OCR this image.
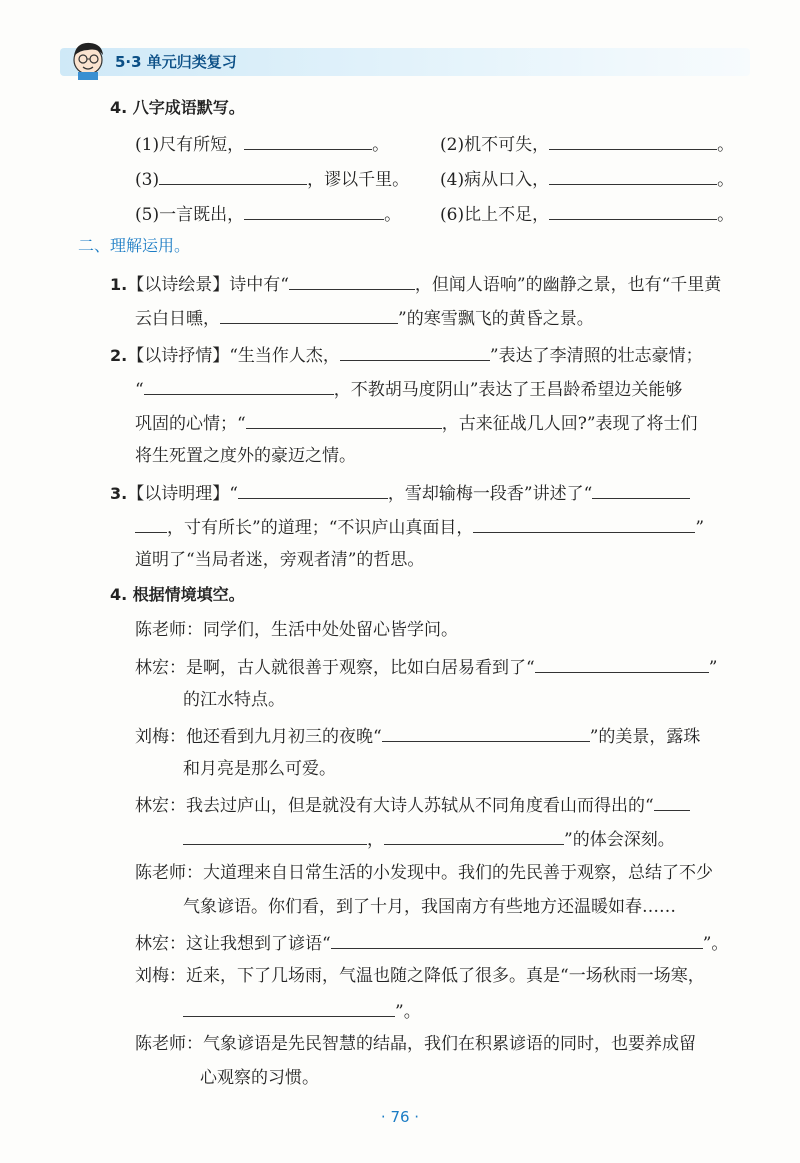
5·3 单元归类复习
4. 八字成语默写。
(1)尺有所短，	。	(2)机不可失，	。
(3)	，谬以千里。 (4)病从口入，	。
(5)一言既出，	。 (6)比上不足，	。
二、理解运用。
1.【以诗绘景】诗中有“	，但闻人语响”的幽静之景，也有“千里黄
云白日曛，	”的寒雪飘飞的黄昏之景。
2.【以诗抒情】“生当作人杰，	”表达了李清照的壮志豪情；
“	，不教胡马度阴山”表达了王昌龄希望边关能够
巩固的心情；“	，古来征战几人回?”表现了将士们
将生死置之度外的豪迈之情。
3.【以诗明理】“	，雪却输梅一段香”讲述了“
，寸有所长”的道理；“不识庐山真面目，	”
道明了“当局者迷，旁观者清”的哲思。
4. 根据情境填空。
陈老师：同学们，生活中处处留心皆学问。
林宏：是啊，古人就很善于观察，比如白居易看到了“	”
的江水特点。
刘梅：他还看到九月初三的夜晚“	”的美景，露珠
和月亮是那么可爱。
林宏：我去过庐山，但是就没有大诗人苏轼从不同角度看山而得出的“
，	”的体会深刻。
陈老师：大道理来自日常生活的小发现中。我们的先民善于观察，总结了不少
气象谚语。你们看，到了十月，我国南方有些地方还温暖如春……
林宏：这让我想到了谚语“	”。
刘梅：近来，下了几场雨，气温也随之降低了很多。真是“一场秋雨一场寒，
”。
陈老师：气象谚语是先民智慧的结晶，我们在积累谚语的同时，也要养成留
心观察的习惯。
· 76 ·
